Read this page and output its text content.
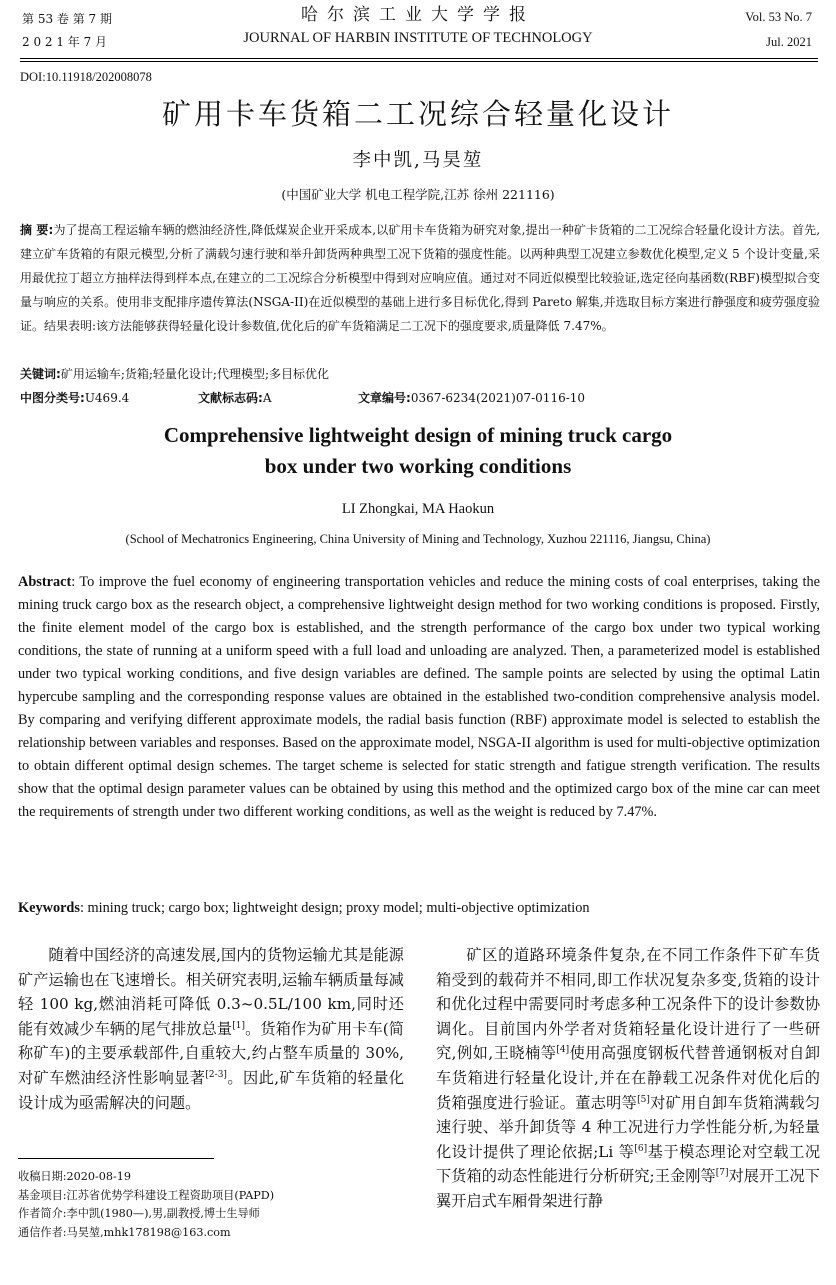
第 53 卷 第 7 期
2 0 2 1 年 7 月
哈尔滨工业大学学报
JOURNAL OF HARBIN INSTITUTE OF TECHNOLOGY
Vol. 53 No. 7
Jul. 2021
DOI:10.11918/202008078
矿用卡车货箱二工况综合轻量化设计
李中凯,马昊堃
(中国矿业大学 机电工程学院,江苏 徐州 221116)
摘 要:为了提高工程运输车辆的燃油经济性,降低煤炭企业开采成本,以矿用卡车货箱为研究对象,提出一种矿卡货箱的二工况综合轻量化设计方法。首先,建立矿车货箱的有限元模型,分析了满载匀速行驶和举升卸货两种典型工况下货箱的强度性能。以两种典型工况建立参数优化模型,定义 5 个设计变量,采用最优拉丁超立方抽样法得到样本点,在建立的二工况综合分析模型中得到对应响应值。通过对不同近似模型比较验证,选定径向基函数(RBF)模型拟合变量与响应的关系。使用非支配排序遗传算法(NSGA-II)在近似模型的基础上进行多目标优化,得到 Pareto 解集,并选取目标方案进行静强度和疲劳强度验证。结果表明:该方法能够获得轻量化设计参数值,优化后的矿车货箱满足二工况下的强度要求,质量降低 7.47%。
关键词:矿用运输车;货箱;轻量化设计;代理模型;多目标优化
中图分类号:U469.4	文献标志码:A	文章编号:0367-6234(2021)07-0116-10
Comprehensive lightweight design of mining truck cargo
box under two working conditions
LI Zhongkai, MA Haokun
(School of Mechatronics Engineering, China University of Mining and Technology, Xuzhou 221116, Jiangsu, China)
Abstract: To improve the fuel economy of engineering transportation vehicles and reduce the mining costs of coal enterprises, taking the mining truck cargo box as the research object, a comprehensive lightweight design method for two working conditions is proposed. Firstly, the finite element model of the cargo box is established, and the strength performance of the cargo box under two typical working conditions, the state of running at a uniform speed with a full load and unloading are analyzed. Then, a parameterized model is established under two typical working conditions, and five design variables are defined. The sample points are selected by using the optimal Latin hypercube sampling and the corresponding response values are obtained in the established two-condition comprehensive analysis model. By comparing and verifying different approximate models, the radial basis function (RBF) approximate model is selected to establish the relationship between variables and responses. Based on the approximate model, NSGA-II algorithm is used for multi-objective optimization to obtain different optimal design schemes. The target scheme is selected for static strength and fatigue strength verification. The results show that the optimal design parameter values can be obtained by using this method and the optimized cargo box of the mine car can meet the requirements of strength under two different working conditions, as well as the weight is reduced by 7.47%.
Keywords: mining truck; cargo box; lightweight design; proxy model; multi-objective optimization

随着中国经济的高速发展,国内的货物运输尤其是能源矿产运输也在飞速增长。相关研究表明,运输车辆质量每减轻 100 kg,燃油消耗可降低 0.3~0.5L/100 km,同时还能有效减少车辆的尾气排放总量[1]。货箱作为矿用卡车(简称矿车)的主要承载部件,自重较大,约占整车质量的 30%,对矿车燃油经济性影响显著[2-3]。因此,矿车货箱的轻量化设计成为亟需解决的问题。

矿区的道路环境条件复杂,在不同工作条件下矿车货箱受到的载荷并不相同,即工作状况复杂多变,货箱的设计和优化过程中需要同时考虑多种工况条件下的设计参数协调化。目前国内外学者对货箱轻量化设计进行了一些研究,例如,王晓楠等[4]使用高强度钢板代替普通钢板对自卸车货箱进行轻量化设计,并在在静载工况条件对优化后的货箱强度进行验证。董志明等[5]对矿用自卸车货箱满载匀速行驶、举升卸货等 4 种工况进行力学性能分析,为轻量化设计提供了理论依据;Li 等[6]基于模态理论对空载工况下货箱的动态性能进行分析研究;王金刚等[7]对展开工况下翼开启式车厢骨架进行静

收稿日期:2020-08-19
基金项目:江苏省优势学科建设工程资助项目(PAPD)
作者简介:李中凯(1980—),男,副教授,博士生导师
通信作者:马昊堃,mhk178198@163.com
